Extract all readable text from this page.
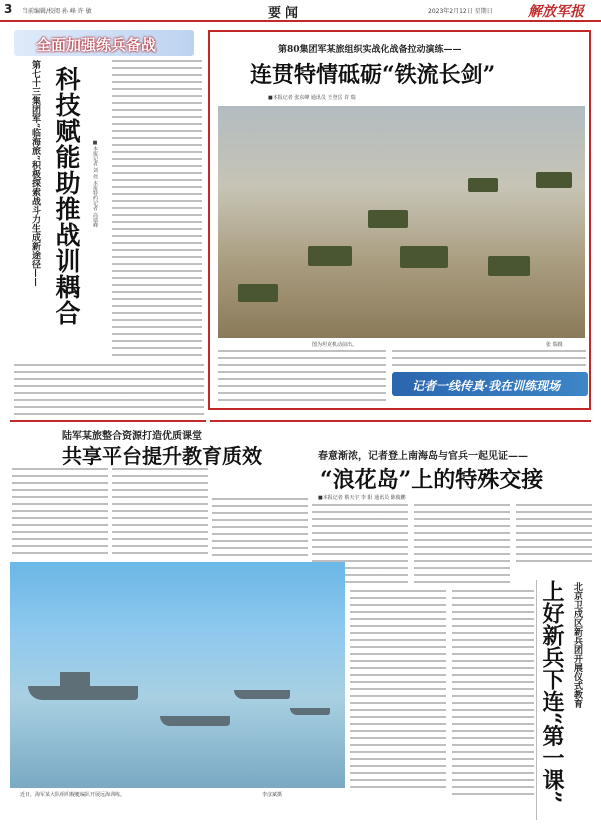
3 当前编辑/校阅 孙 峰 许 敏	要闻	2023年2月12日 星期日	解放军报
全面加强练兵备战
第七十三集团军“临海旅”积极探索战斗力生成新途径—— 科技赋能助推战训耦合 ■本报记者 刘 伟 本报特约记者 高瑞峰
第80集团军某旅组织实战化战备拉动演练——
连贯特情砥砺“铁流长剑”
■本报记者 张东峰 通讯员 王登岳 许 瑞
图为坦克机动前出。	张 瑞摄
记者一线传真·我在训练现场
陆军某旅整合资源打造优质课堂
共享平台提升教育质效	春意渐浓，记者登上南海岛与官兵一起见证——
“浪花岛”上的特殊交接
■本报记者 蔡天宇 李 阳 通讯员 陈俊鹏
近日，海军某大队组织舰艇编队开展远海训练。	李彦斌摄	上好新兵下连“第一课” 北京卫戍区新兵团开展仪式教育
